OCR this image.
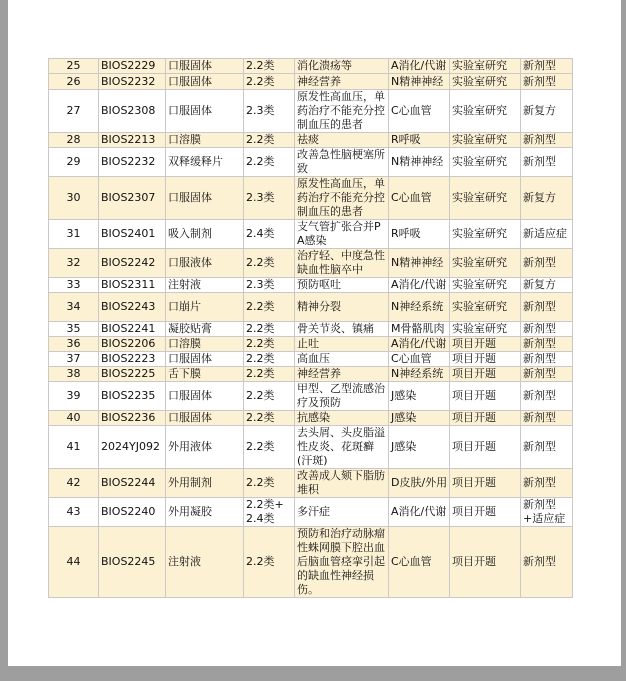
25	BIOS2229	口服固体	2.2类	消化溃疡等	A消化/代谢	实验室研究	新剂型
26	BIOS2232	口服固体	2.2类	神经营养	N精神神经	实验室研究	新剂型
27	BIOS2308	口服固体	2.3类	原发性高血压，单药治疗不能充分控制血压的患者	C心血管	实验室研究	新复方
28	BIOS2213	口溶膜	2.2类	祛痰	R呼吸	实验室研究	新剂型
29	BIOS2232	双释缓释片	2.2类	改善急性脑梗塞所致	N精神神经	实验室研究	新剂型
30	BIOS2307	口服固体	2.3类	原发性高血压，单药治疗不能充分控制血压的患者	C心血管	实验室研究	新复方
31	BIOS2401	吸入制剂	2.4类	支气管扩张合并PA感染	R呼吸	实验室研究	新适应症
32	BIOS2242	口服液体	2.2类	治疗轻、中度急性缺血性脑卒中	N精神神经	实验室研究	新剂型
33	BIOS2311	注射液	2.3类	预防呕吐	A消化/代谢	实验室研究	新复方
34	BIOS2243	口崩片	2.2类	精神分裂	N神经系统	实验室研究	新剂型
35	BIOS2241	凝胶贴膏	2.2类	骨关节炎、镇痛	M骨骼肌肉	实验室研究	新剂型
36	BIOS2206	口溶膜	2.2类	止吐	A消化/代谢	项目开题	新剂型
37	BIOS2223	口服固体	2.2类	高血压	C心血管	项目开题	新剂型
38	BIOS2225	舌下膜	2.2类	神经营养	N神经系统	项目开题	新剂型
39	BIOS2235	口服固体	2.2类	甲型、乙型流感治疗及预防	J感染	项目开题	新剂型
40	BIOS2236	口服固体	2.2类	抗感染	J感染	项目开题	新剂型
41	2024YJ092	外用液体	2.2类	去头屑、头皮脂溢性皮炎、花斑癣(汗斑)	J感染	项目开题	新剂型
42	BIOS2244	外用制剂	2.2类	改善成人颏下脂肪堆积	D皮肤/外用	项目开题	新剂型
43	BIOS2240	外用凝胶	2.2类+2.4类	多汗症	A消化/代谢	项目开题	新剂型+适应症
44	BIOS2245	注射液	2.2类	预防和治疗动脉瘤性蛛网膜下腔出血后脑血管痉挛引起的缺血性神经损伤。	C心血管	项目开题	新剂型
